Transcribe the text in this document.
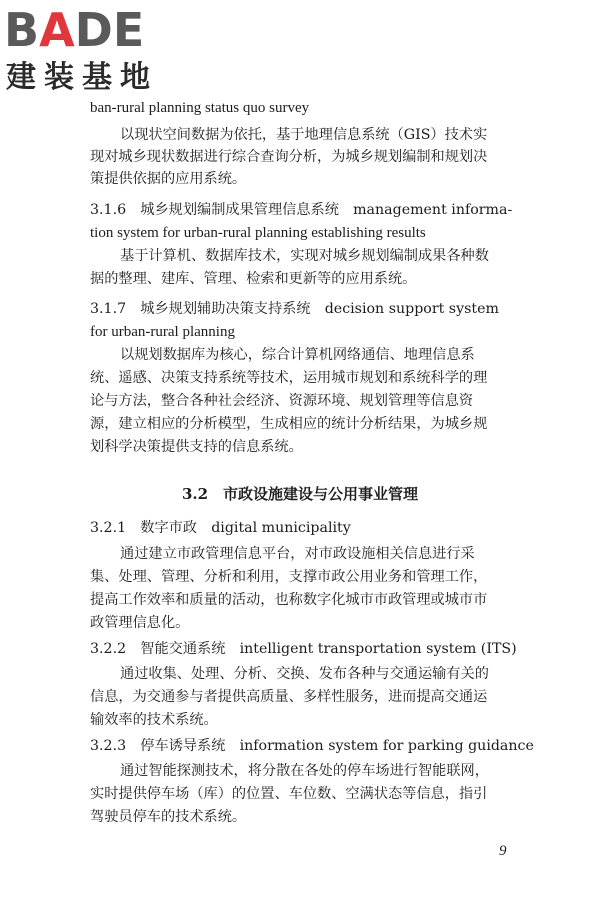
BADE
建装基地
ban-rural planning status quo survey
以现状空间数据为依托，基于地理信息系统（GIS）技术实
现对城乡现状数据进行综合查询分析，为城乡规划编制和规划决
策提供依据的应用系统。
3.1.6　城乡规划编制成果管理信息系统　management informa-
tion system for urban-rural planning establishing results
基于计算机、数据库技术，实现对城乡规划编制成果各种数
据的整理、建库、管理、检索和更新等的应用系统。
3.1.7　城乡规划辅助决策支持系统　decision support system
for urban-rural planning
以规划数据库为核心，综合计算机网络通信、地理信息系
统、遥感、决策支持系统等技术，运用城市规划和系统科学的理
论与方法，整合各种社会经济、资源环境、规划管理等信息资
源，建立相应的分析模型，生成相应的统计分析结果，为城乡规
划科学决策提供支持的信息系统。
3.2　市政设施建设与公用事业管理
3.2.1　数字市政　digital municipality
通过建立市政管理信息平台，对市政设施相关信息进行采
集、处理、管理、分析和利用，支撑市政公用业务和管理工作，
提高工作效率和质量的活动，也称数字化城市市政管理或城市市
政管理信息化。
3.2.2　智能交通系统　intelligent transportation system (ITS)
通过收集、处理、分析、交换、发布各种与交通运输有关的
信息，为交通参与者提供高质量、多样性服务，进而提高交通运
输效率的技术系统。
3.2.3　停车诱导系统　information system for parking guidance
通过智能探测技术，将分散在各处的停车场进行智能联网，
实时提供停车场（库）的位置、车位数、空满状态等信息，指引
驾驶员停车的技术系统。
9
